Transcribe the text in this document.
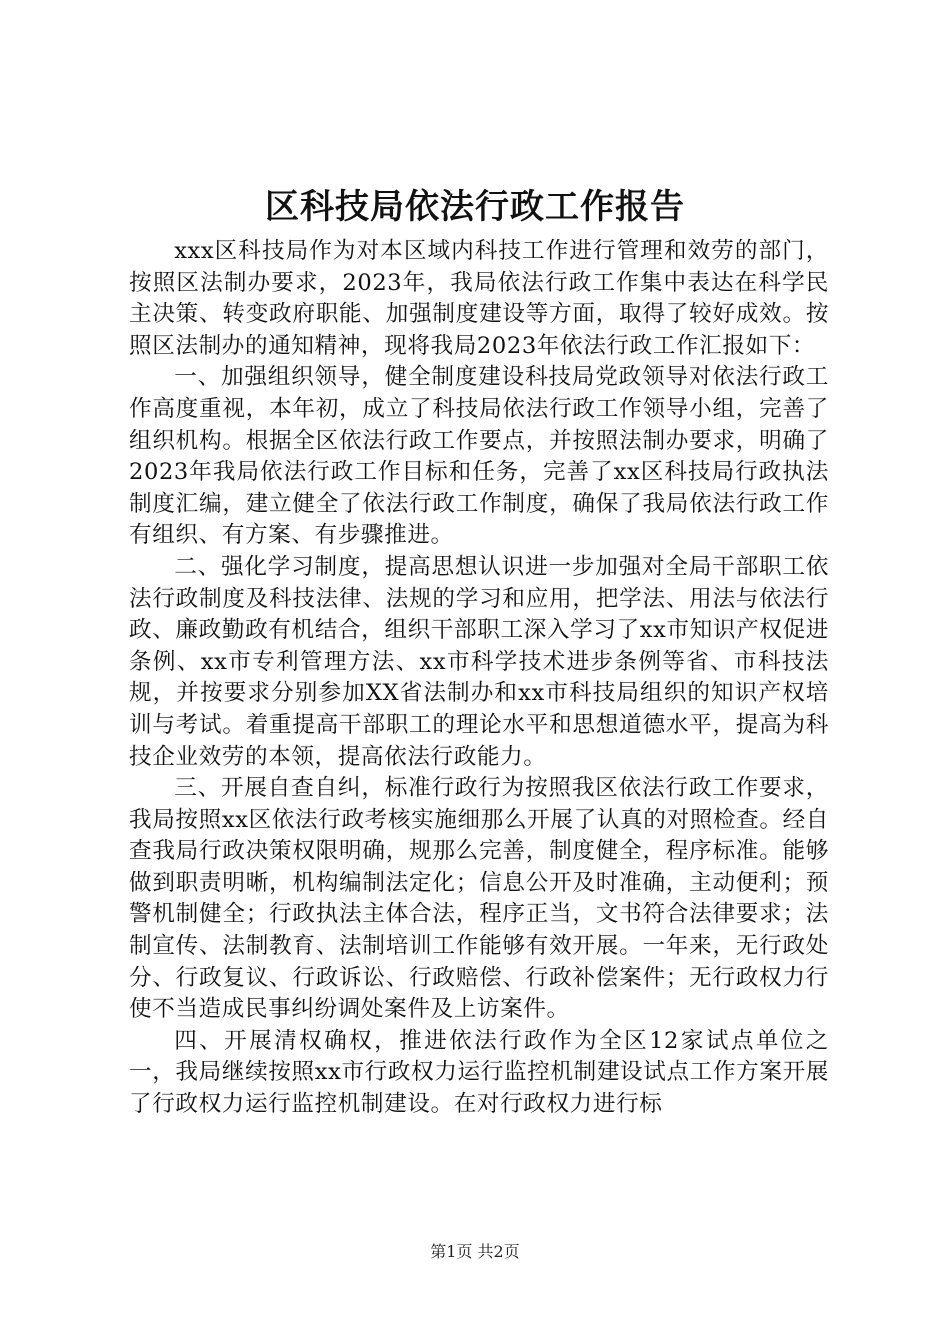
区科技局依法行政工作报告

xxx区科技局作为对本区域内科技工作进行管理和效劳的部门，按照区法制办要求，2023年，我局依法行政工作集中表达在科学民主决策、转变政府职能、加强制度建设等方面，取得了较好成效。按照区法制办的通知精神，现将我局2023年依法行政工作汇报如下：

一、加强组织领导，健全制度建设科技局党政领导对依法行政工作高度重视，本年初，成立了科技局依法行政工作领导小组，完善了组织机构。根据全区依法行政工作要点，并按照法制办要求，明确了2023年我局依法行政工作目标和任务，完善了xx区科技局行政执法制度汇编，建立健全了依法行政工作制度，确保了我局依法行政工作有组织、有方案、有步骤推进。

二、强化学习制度，提高思想认识进一步加强对全局干部职工依法行政制度及科技法律、法规的学习和应用，把学法、用法与依法行政、廉政勤政有机结合，组织干部职工深入学习了xx市知识产权促进条例、xx市专利管理方法、xx市科学技术进步条例等省、市科技法规，并按要求分别参加XX省法制办和xx市科技局组织的知识产权培训与考试。着重提高干部职工的理论水平和思想道德水平，提高为科技企业效劳的本领，提高依法行政能力。

三、开展自查自纠，标准行政行为按照我区依法行政工作要求，我局按照xx区依法行政考核实施细那么开展了认真的对照检查。经自查我局行政决策权限明确，规那么完善，制度健全，程序标准。能够做到职责明晰，机构编制法定化；信息公开及时准确，主动便利；预警机制健全；行政执法主体合法，程序正当，文书符合法律要求；法制宣传、法制教育、法制培训工作能够有效开展。一年来，无行政处分、行政复议、行政诉讼、行政赔偿、行政补偿案件；无行政权力行使不当造成民事纠纷调处案件及上访案件。

四、开展清权确权，推进依法行政作为全区12家试点单位之一，我局继续按照xx市行政权力运行监控机制建设试点工作方案开展了行政权力运行监控机制建设。在对行政权力进行标

第1页 共2页
